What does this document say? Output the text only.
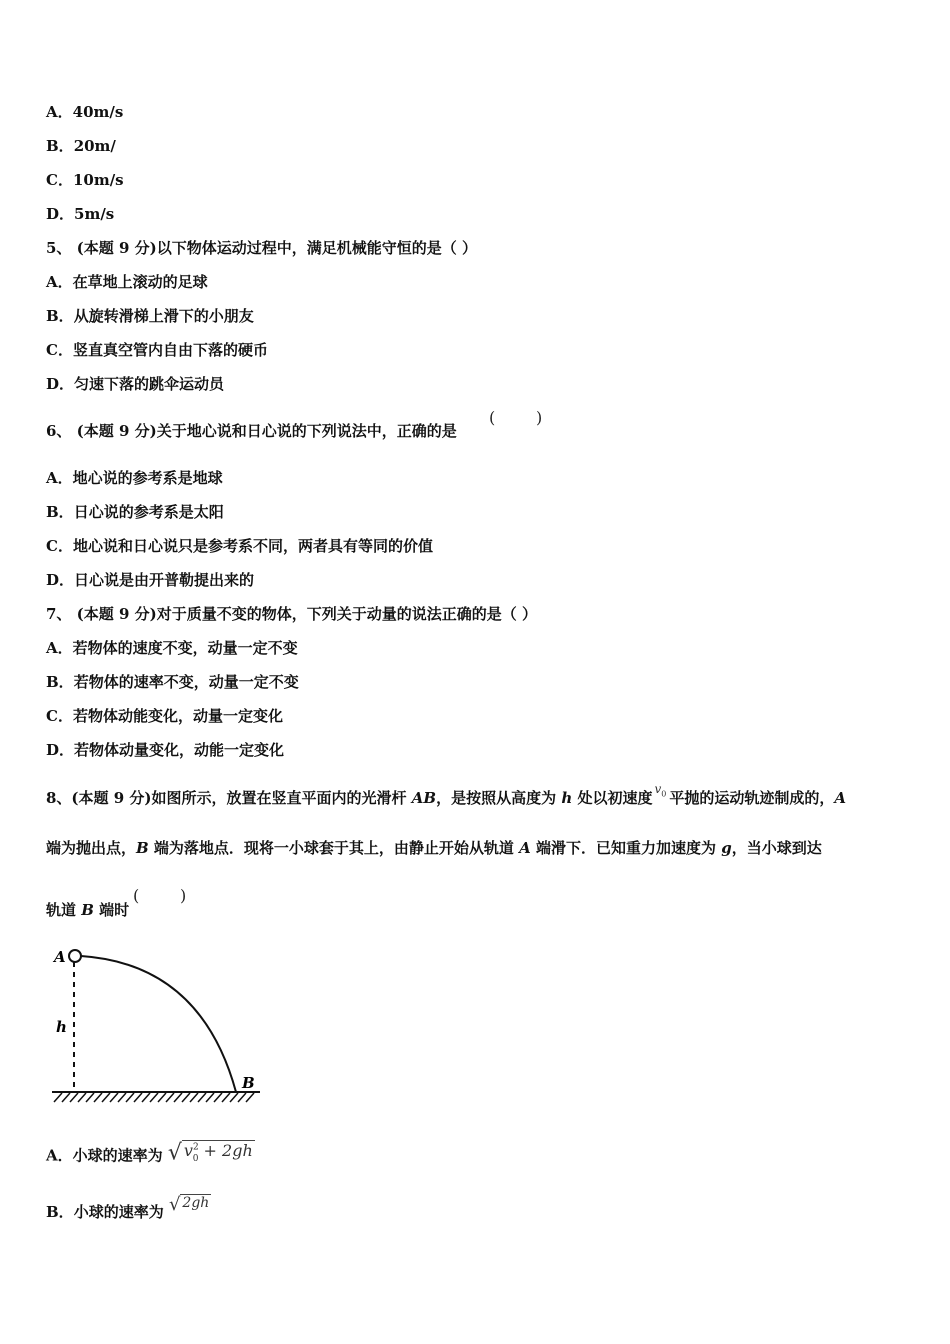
A．40m/s
B．20m/
C．10m/s
D．5m/s
5、 (本题 9 分)以下物体运动过程中，满足机械能守恒的是（ ）
A．在草地上滚动的足球
B．从旋转滑梯上滑下的小朋友
C．竖直真空管内自由下落的硬币
D．匀速下落的跳伞运动员
6、 (本题 9 分)关于地心说和日心说的下列说法中，正确的是
(	)
A．地心说的参考系是地球
B．日心说的参考系是太阳
C．地心说和日心说只是参考系不同，两者具有等同的价值
D．日心说是由开普勒提出来的
7、 (本题 9 分)对于质量不变的物体，下列关于动量的说法正确的是（ ）
A．若物体的速度不变，动量一定不变
B．若物体的速率不变，动量一定不变
C．若物体动能变化，动量一定变化
D．若物体动量变化，动能一定变化
8、(本题 9 分)如图所示，放置在竖直平面内的光滑杆 AB，是按照从高度为 h 处以初速度 $^{v_0}$ 平抛的运动轨迹制成的，A
端为抛出点，B 端为落地点．现将一小球套于其上，由静止开始从轨道 A 端滑下．已知重力加速度为 g，当小球到达
轨道 B 端时
(	)
A
h
B
A．小球的速率为 √ $v^2_0 + 2gh$
B．小球的速率为 √ 2gh
